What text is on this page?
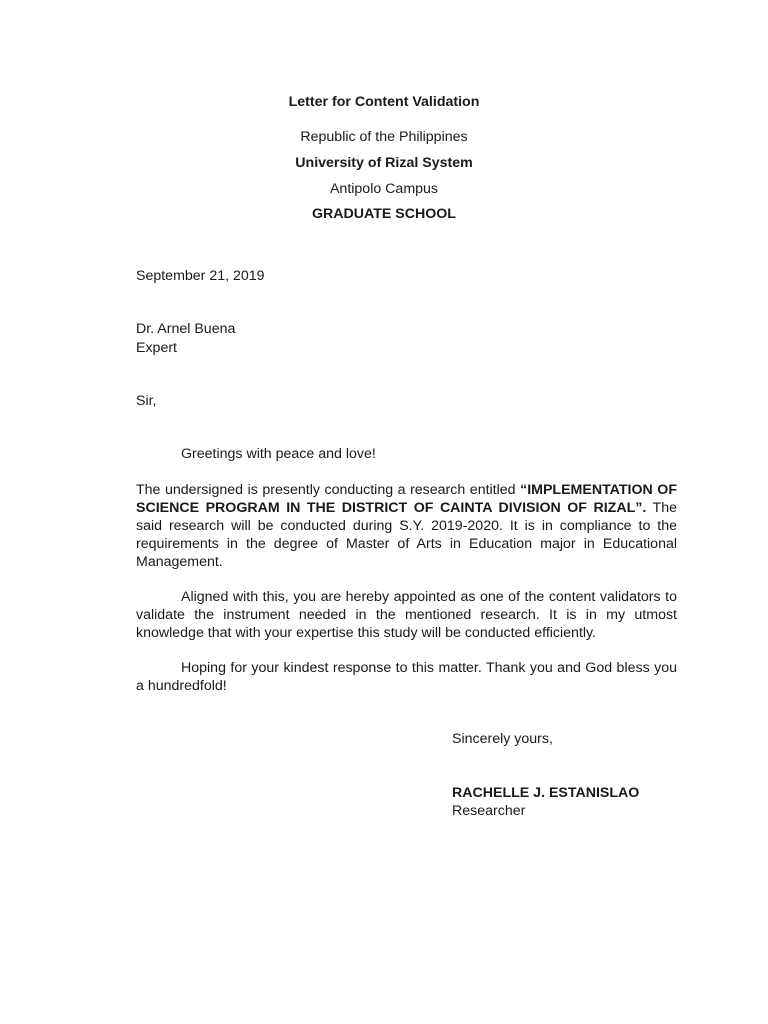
Letter for Content Validation
Republic of the Philippines
University of Rizal System
Antipolo Campus
GRADUATE SCHOOL
September 21, 2019
Dr. Arnel Buena
Expert
Sir,
Greetings with peace and love!
The undersigned is presently conducting a research entitled “IMPLEMENTATION OF SCIENCE PROGRAM IN THE DISTRICT OF CAINTA DIVISION OF RIZAL”. The said research will be conducted during S.Y. 2019-2020. It is in compliance to the requirements in the degree of Master of Arts in Education major in Educational Management.
Aligned with this, you are hereby appointed as one of the content validators to validate the instrument needed in the mentioned research. It is in my utmost knowledge that with your expertise this study will be conducted efficiently.
Hoping for your kindest response to this matter. Thank you and God bless you a hundredfold!
Sincerely yours,
RACHELLE J. ESTANISLAO
Researcher
